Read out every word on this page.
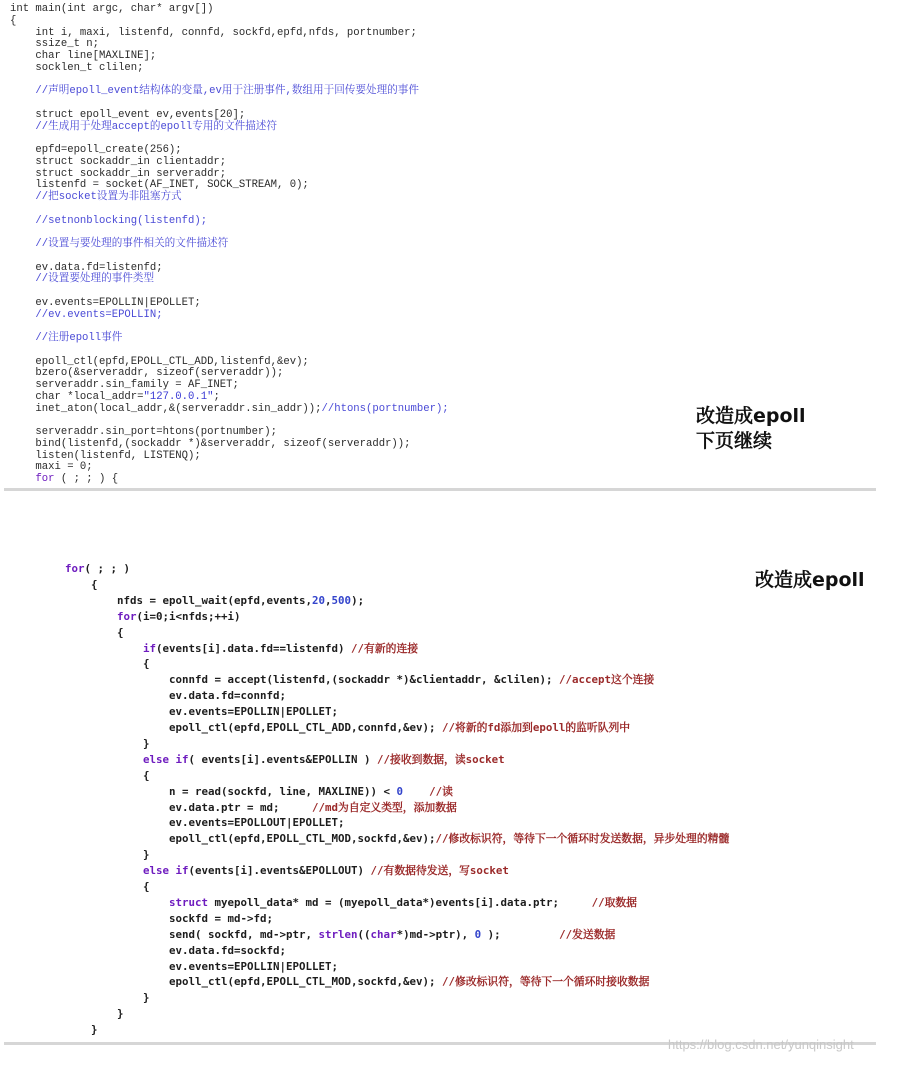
int main(int argc, char* argv[])
{
int i, maxi, listenfd, connfd, sockfd,epfd,nfds, portnumber;
ssize_t n;
char line[MAXLINE];
socklen_t clilen;
//声明epoll_event结构体的变量,ev用于注册事件,数组用于回传要处理的事件
struct epoll_event ev,events[20];
//生成用于处理accept的epoll专用的文件描述符
epfd=epoll_create(256);
struct sockaddr_in clientaddr;
struct sockaddr_in serveraddr;
listenfd = socket(AF_INET, SOCK_STREAM, 0);
//把socket设置为非阻塞方式
//setnonblocking(listenfd);
//设置与要处理的事件相关的文件描述符
ev.data.fd=listenfd;
//设置要处理的事件类型
ev.events=EPOLLIN|EPOLLET;
//ev.events=EPOLLIN;
//注册epoll事件
epoll_ctl(epfd,EPOLL_CTL_ADD,listenfd,&ev);
bzero(&serveraddr, sizeof(serveraddr));
serveraddr.sin_family = AF_INET;
char *local_addr="127.0.0.1";
inet_aton(local_addr,&(serveraddr.sin_addr));//htons(portnumber);
serveraddr.sin_port=htons(portnumber);
bind(listenfd,(sockaddr *)&serveraddr, sizeof(serveraddr));
listen(listenfd, LISTENQ);
maxi = 0;
for ( ; ; ) {
改造成epoll
下页继续
for( ; ; )
{
nfds = epoll_wait(epfd,events,20,500);
for(i=0;i<nfds;++i)
{
if(events[i].data.fd==listenfd) //有新的连接
{
connfd = accept(listenfd,(sockaddr *)&clientaddr, &clilen); //accept这个连接
ev.data.fd=connfd;
ev.events=EPOLLIN|EPOLLET;
epoll_ctl(epfd,EPOLL_CTL_ADD,connfd,&ev); //将新的fd添加到epoll的监听队列中
}
else if( events[i].events&EPOLLIN ) //接收到数据，读socket
{
n = read(sockfd, line, MAXLINE)) < 0 //读
ev.data.ptr = md;     //md为自定义类型，添加数据
ev.events=EPOLLOUT|EPOLLET;
epoll_ctl(epfd,EPOLL_CTL_MOD,sockfd,&ev);//修改标识符，等待下一个循环时发送数据，异步处理的精髓
}
else if(events[i].events&EPOLLOUT) //有数据待发送，写socket
{
struct myepoll_data* md = (myepoll_data*)events[i].data.ptr;     //取数据
sockfd = md->fd;
send( sockfd, md->ptr, strlen((char*)md->ptr), 0 );         //发送数据
ev.data.fd=sockfd;
ev.events=EPOLLIN|EPOLLET;
epoll_ctl(epfd,EPOLL_CTL_MOD,sockfd,&ev); //修改标识符，等待下一个循环时接收数据
}
}
}
改造成epoll
https://blog.csdn.net/yunqinsight
